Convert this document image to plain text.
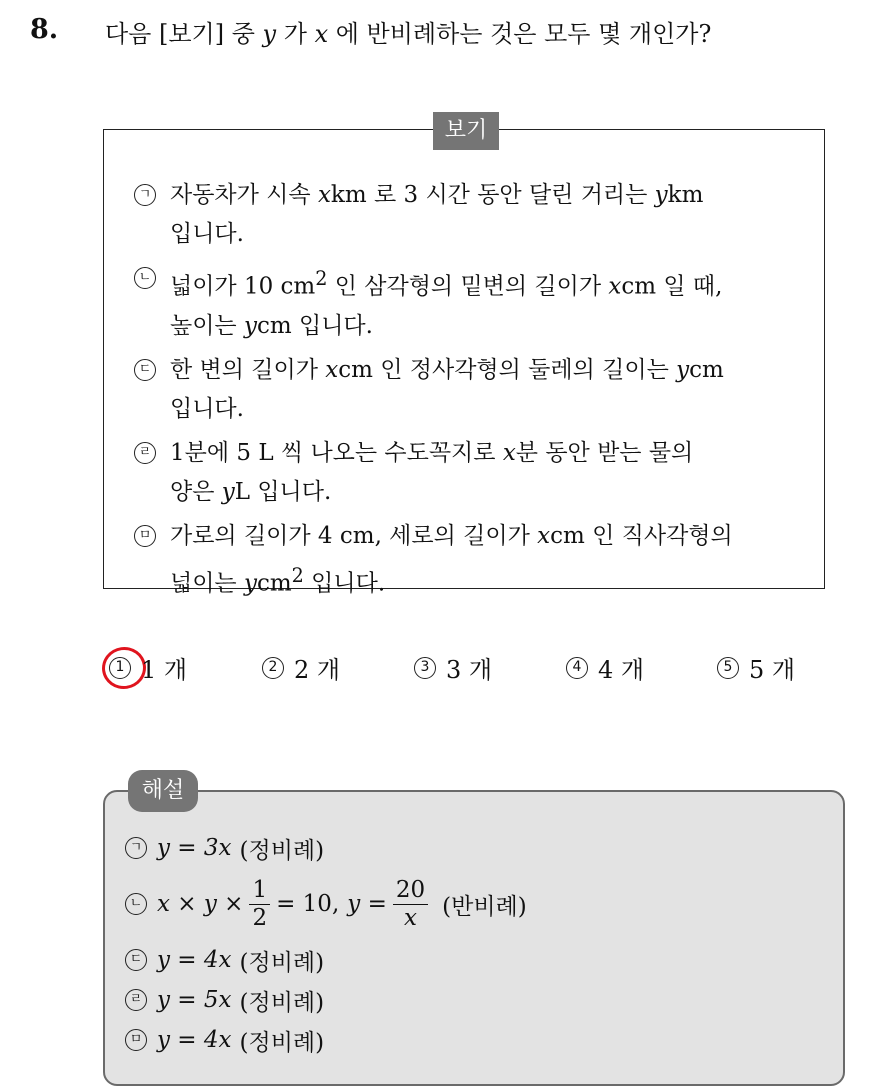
8. 다음 [보기] 중 y 가 x 에 반비례하는 것은 모두 몇 개인가?
보기
ㄱ 자동차가 시속 xkm 로 3 시간 동안 달린 거리는 ykm
입니다.
ㄴ 넓이가 10 $cm^2$ 인 삼각형의 밑변의 길이가 xcm 일 때,
높이는 ycm 입니다.
ㄷ 한 변의 길이가 xcm 인 정사각형의 둘레의 길이는 ycm
입니다.
ㄹ 1분에 5 L 씩 나오는 수도꼭지로 x분 동안 받는 물의
양은 yL 입니다.
ㅁ 가로의 길이가 4 cm, 세로의 길이가 xcm 인 직사각형의
넓이는 ycm$^2$ 입니다.
1 1 개	2 2 개	3 3 개	4 4 개	5 5 개
해설
ㄱ y = 3x (정비례)
ㄴ $x \times y \times \frac{1}{2} = 10$, $y = \frac{20}{x}$ (반비례)
ㄷ y = 4x (정비례)
ㄹ y = 5x (정비례)
ㅁ y = 4x (정비례)
